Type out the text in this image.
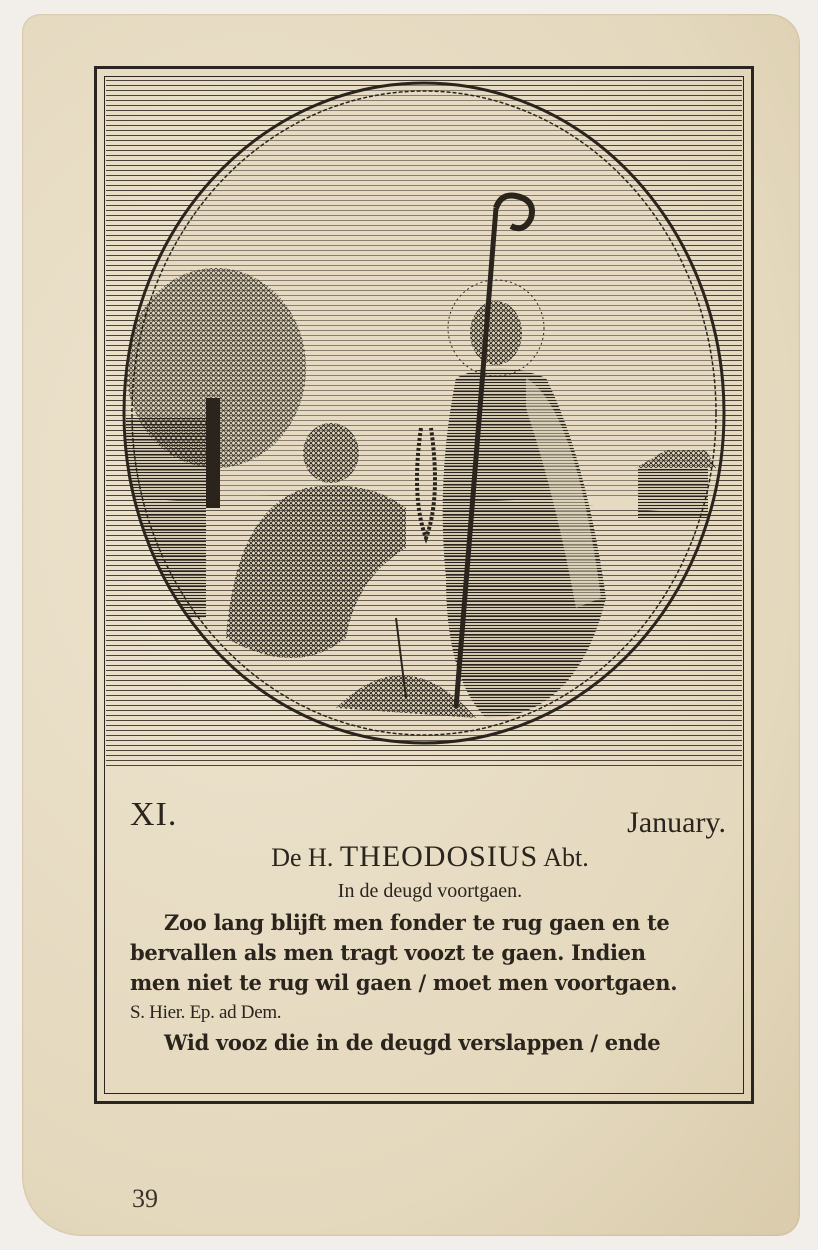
XI.	January.
De H. THEODOSIUS Abt.
In de deugd voortgaen.
Zoo lang blijft men fonder te rug gaen en te
bervallen als men tragt voozt te gaen. Indien
men niet te rug wil gaen / moet men voortgaen.
S. Hier. Ep. ad Dem.
Wid vooz die in de deugd verslappen / ende
39
